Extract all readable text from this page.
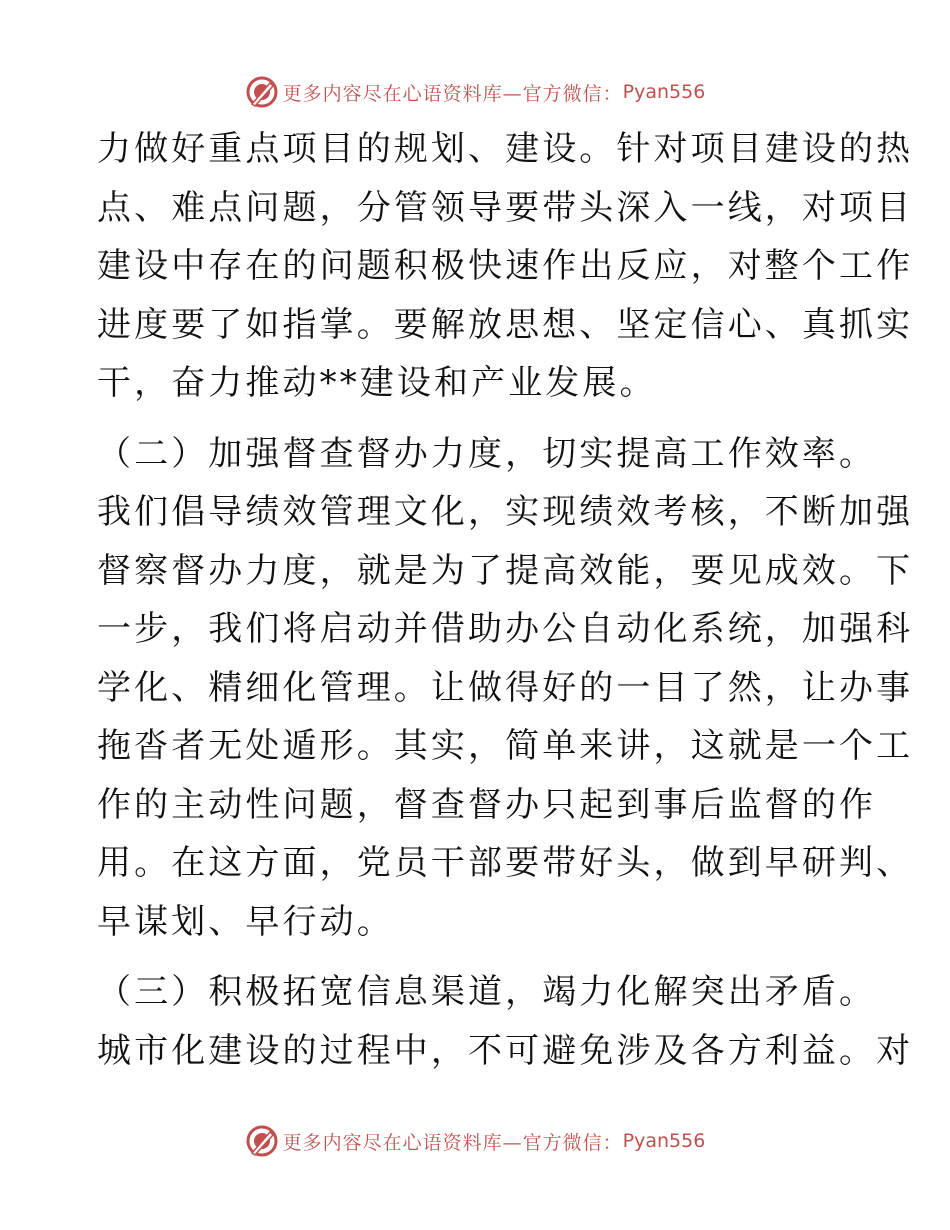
更多内容尽在心语资料库—官方微信： Pyan556
力做好重点项目的规划、建设。针对项目建设的热
点、难点问题，分管领导要带头深入一线，对项目
建设中存在的问题积极快速作出反应，对整个工作
进度要了如指掌。要解放思想、坚定信心、真抓实
干，奋力推动**建设和产业发展。
（二）加强督查督办力度，切实提高工作效率。
我们倡导绩效管理文化，实现绩效考核，不断加强
督察督办力度，就是为了提高效能，要见成效。下
一步，我们将启动并借助办公自动化系统，加强科
学化、精细化管理。让做得好的一目了然，让办事
拖沓者无处遁形。其实，简单来讲，这就是一个工
作的主动性问题，督查督办只起到事后监督的作
用。在这方面，党员干部要带好头，做到早研判、
早谋划、早行动。
（三）积极拓宽信息渠道，竭力化解突出矛盾。
城市化建设的过程中，不可避免涉及各方利益。对
更多内容尽在心语资料库—官方微信： Pyan556
